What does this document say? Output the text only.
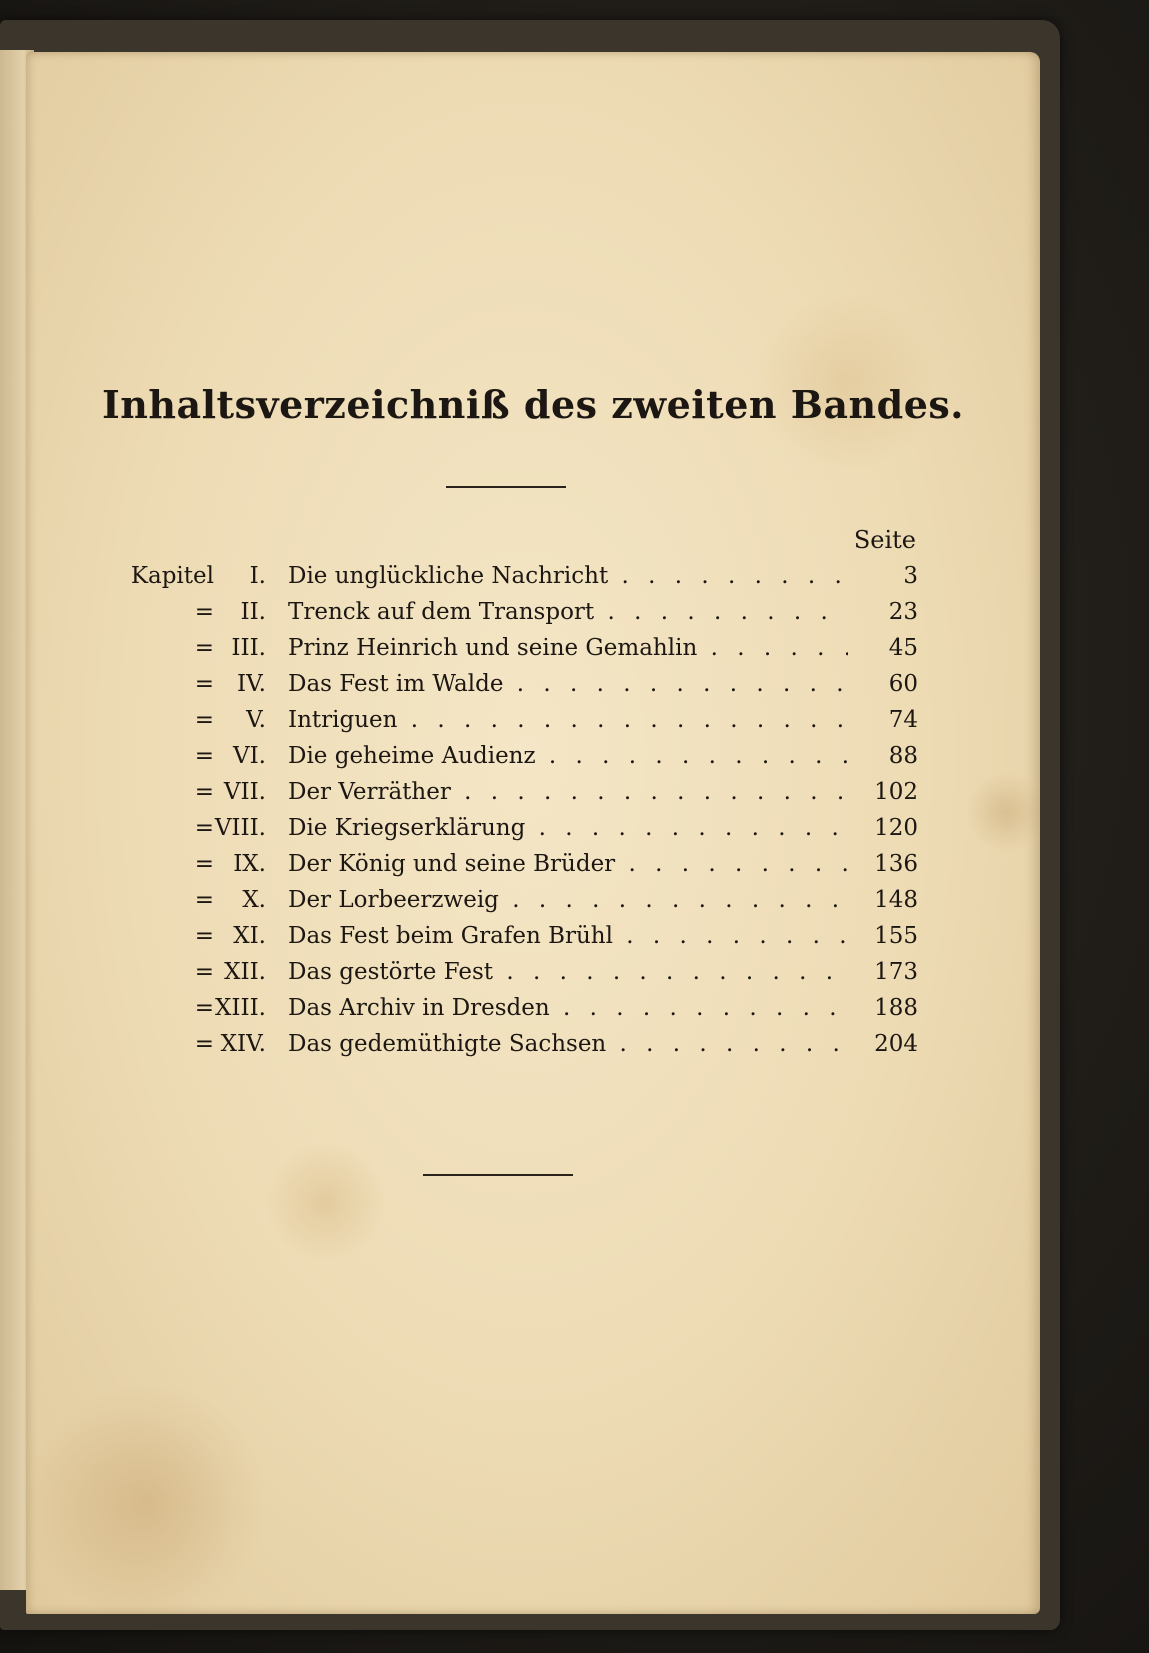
Inhaltsverzeichniß des zweiten Bandes.
Seite
Kapitel	I. Die unglückliche Nachricht . . .	3
=	II. Trenck auf dem Transport . . .	23
= III. Prinz Heinrich und seine Gemahlin . . .	45
=	IV. Das Fest im Walde . . .	60
=	V. Intriguen . . .	74
= VI. Die geheime Audienz . . .	88
= VII. Der Verräther . . .	102
= VIII. Die Kriegserklärung . . .	120
= IX. Der König und seine Brüder . . .	136
=	X. Der Lorbeerzweig . . .	148
= XI. Das Fest beim Grafen Brühl . . .	155
= XII. Das gestörte Fest . . .	173
= XIII. Das Archiv in Dresden . . .	188
= XIV. Das gedemüthigte Sachsen . . .	204
